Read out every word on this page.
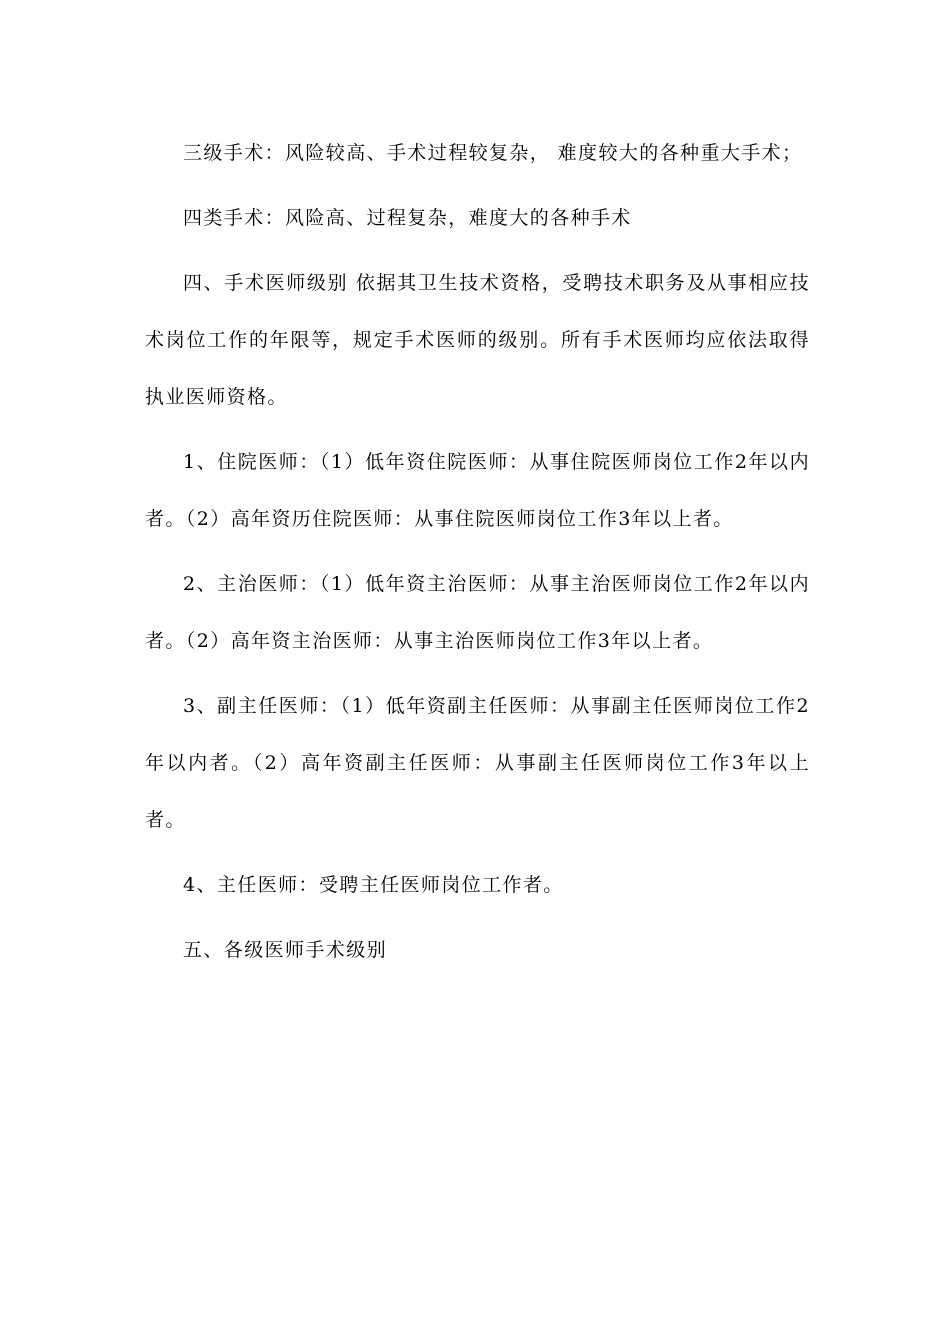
三级手术：风险较高、手术过程较复杂， 难度较大的各种重大手术；

四类手术：风险高、过程复杂，难度大的各种手术

四、手术医师级别 依据其卫生技术资格，受聘技术职务及从事相应技术岗位工作的年限等，规定手术医师的级别。所有手术医师均应依法取得执业医师资格。

1、住院医师：（1）低年资住院医师：从事住院医师岗位工作2年以内者。（2）高年资历住院医师：从事住院医师岗位工作3年以上者。

2、主治医师：（1）低年资主治医师：从事主治医师岗位工作2年以内者。（2）高年资主治医师：从事主治医师岗位工作3年以上者。

3、副主任医师：（1）低年资副主任医师：从事副主任医师岗位工作2年以内者。（2）高年资副主任医师：从事副主任医师岗位工作3年以上者。

4、主任医师：受聘主任医师岗位工作者。

五、各级医师手术级别
